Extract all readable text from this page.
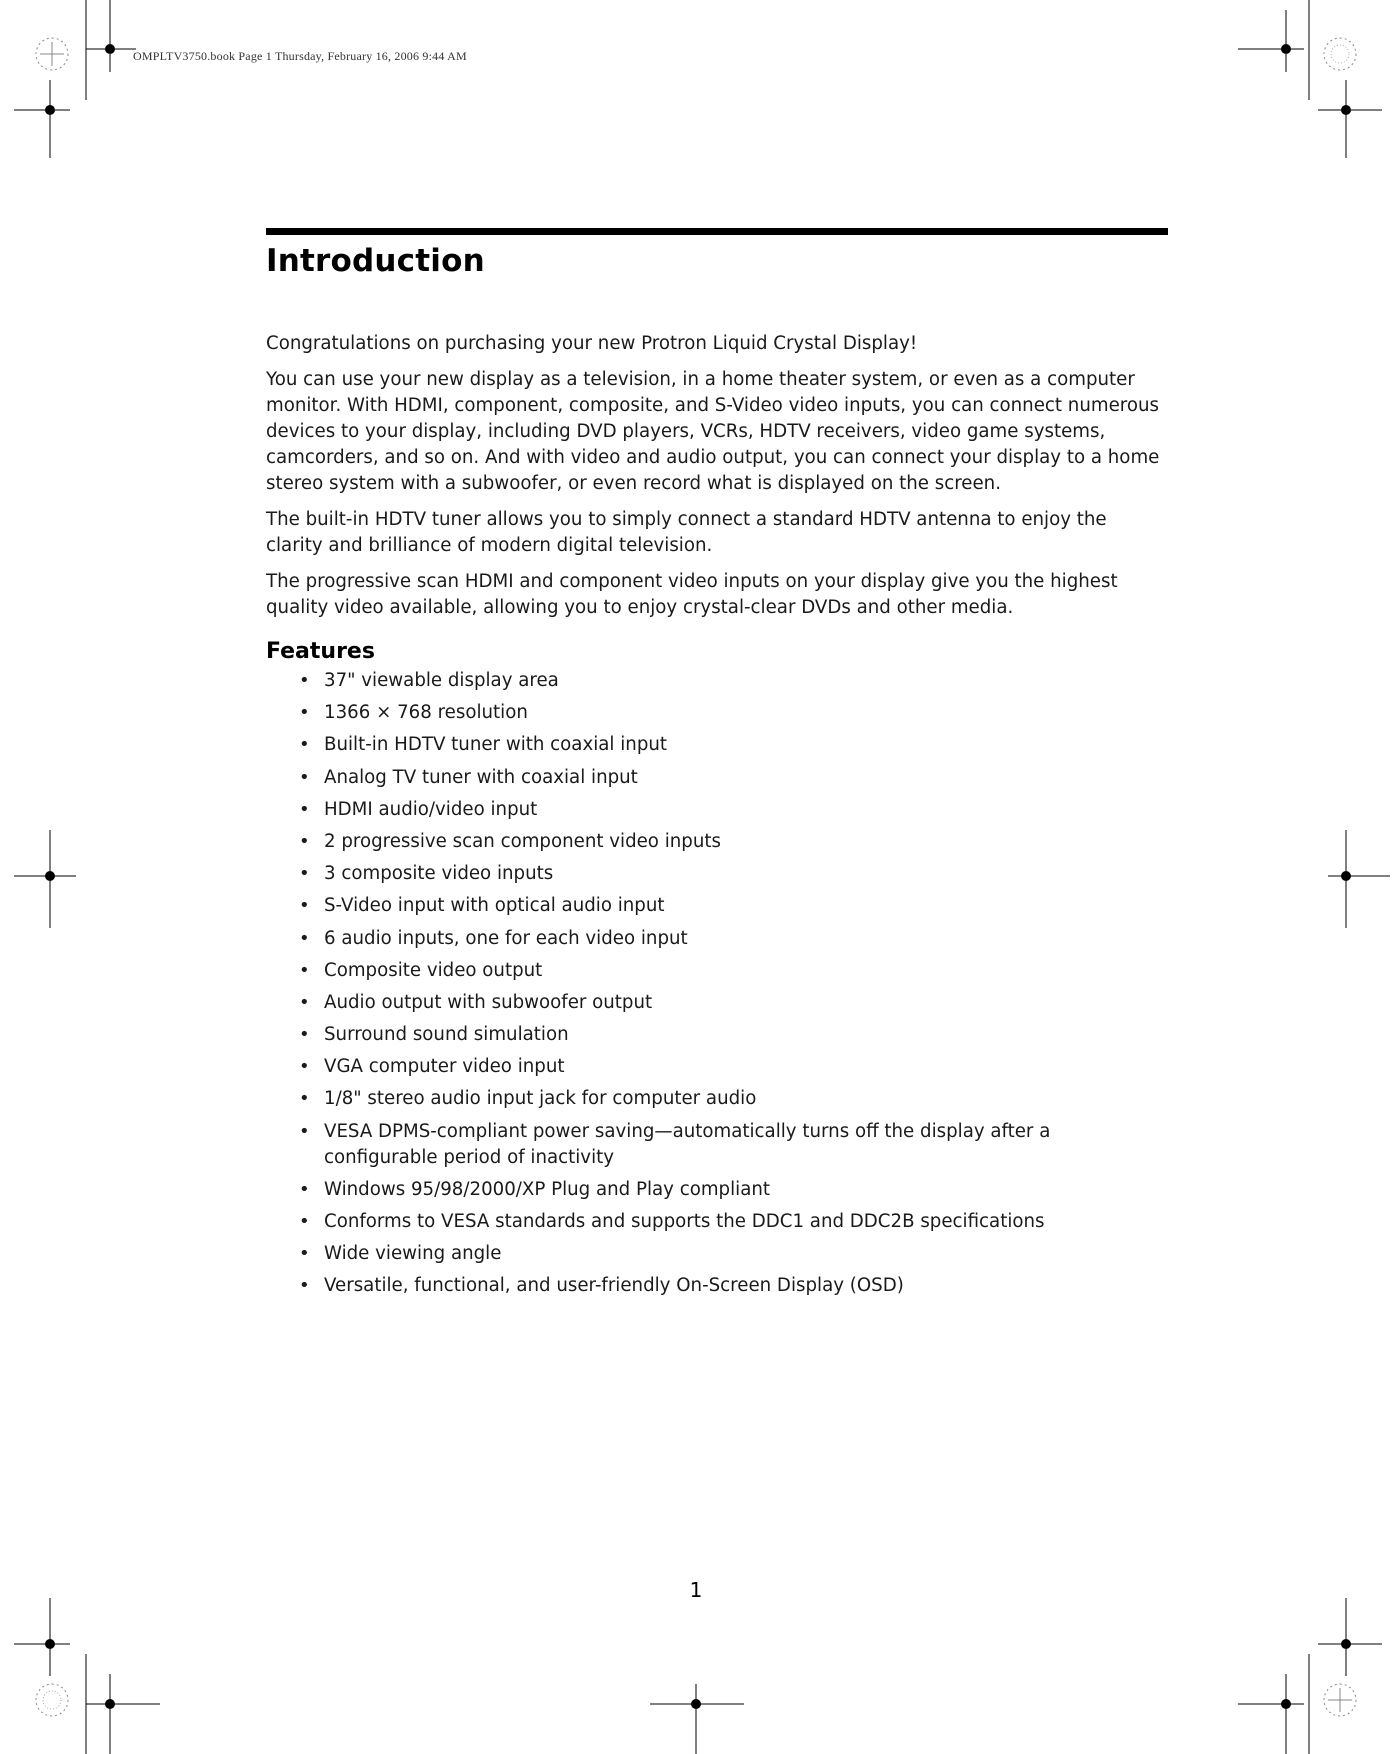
OMPLTV3750.book Page 1 Thursday, February 16, 2006 9:44 AM
Introduction

Congratulations on purchasing your new Protron Liquid Crystal Display!

You can use your new display as a television, in a home theater system, or even as a computer monitor. With HDMI, component, composite, and S-Video video inputs, you can connect numerous devices to your display, including DVD players, VCRs, HDTV receivers, video game systems, camcorders, and so on. And with video and audio output, you can connect your display to a home stereo system with a subwoofer, or even record what is displayed on the screen.

The built-in HDTV tuner allows you to simply connect a standard HDTV antenna to enjoy the clarity and brilliance of modern digital television.

The progressive scan HDMI and component video inputs on your display give you the highest quality video available, allowing you to enjoy crystal-clear DVDs and other media.

Features
• 37" viewable display area
• 1366 × 768 resolution
• Built-in HDTV tuner with coaxial input
• Analog TV tuner with coaxial input
• HDMI audio/video input
• 2 progressive scan component video inputs
• 3 composite video inputs
• S-Video input with optical audio input
• 6 audio inputs, one for each video input
• Composite video output
• Audio output with subwoofer output
• Surround sound simulation
• VGA computer video input
• 1/8" stereo audio input jack for computer audio
• VESA DPMS-compliant power saving—automatically turns off the display after a configurable period of inactivity
• Windows 95/98/2000/XP Plug and Play compliant
• Conforms to VESA standards and supports the DDC1 and DDC2B specifications
• Wide viewing angle
• Versatile, functional, and user-friendly On-Screen Display (OSD)
1
